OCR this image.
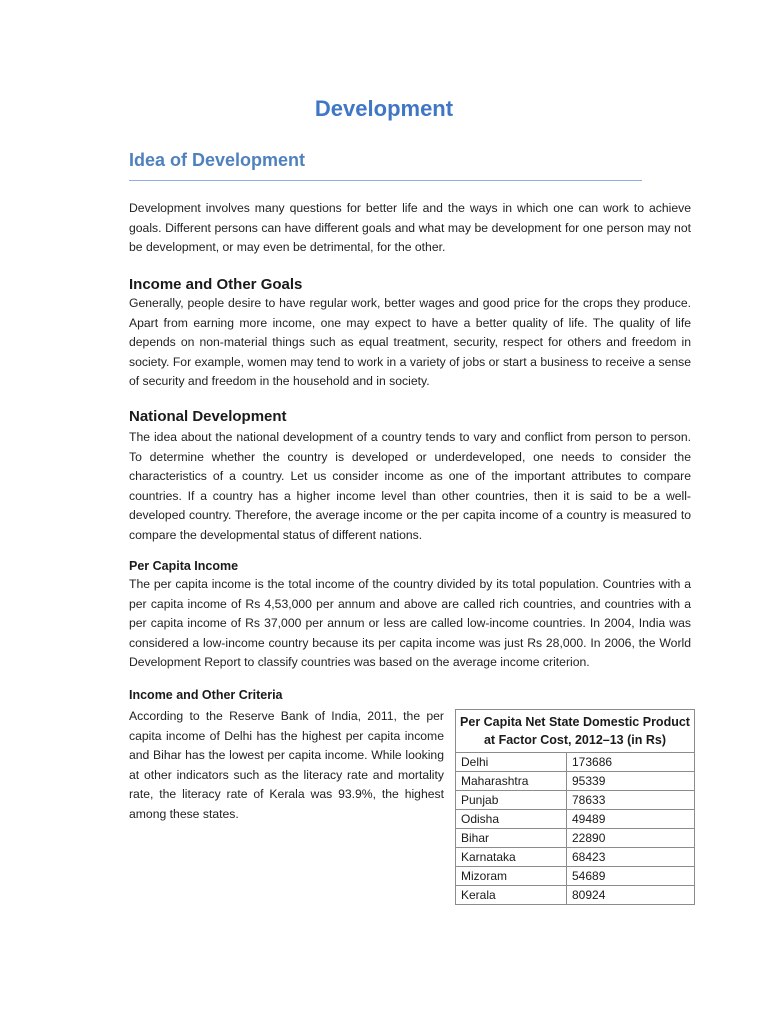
Development
Idea of Development

Development involves many questions for better life and the ways in which one can work to achieve goals. Different persons can have different goals and what may be development for one person may not be development, or may even be detrimental, for the other.

Income and Other Goals

Generally, people desire to have regular work, better wages and good price for the crops they produce. Apart from earning more income, one may expect to have a better quality of life. The quality of life depends on non-material things such as equal treatment, security, respect for others and freedom in society. For example, women may tend to work in a variety of jobs or start a business to receive a sense of security and freedom in the household and in society.

National Development

The idea about the national development of a country tends to vary and conflict from person to person. To determine whether the country is developed or underdeveloped, one needs to consider the characteristics of a country. Let us consider income as one of the important attributes to compare countries. If a country has a higher income level than other countries, then it is said to be a well-developed country. Therefore, the average income or the per capita income of a country is measured to compare the developmental status of different nations.

Per Capita Income

The per capita income is the total income of the country divided by its total population. Countries with a per capita income of Rs 4,53,000 per annum and above are called rich countries, and countries with a per capita income of Rs 37,000 per annum or less are called low-income countries. In 2004, India was considered a low-income country because its per capita income was just Rs 28,000. In 2006, the World Development Report to classify countries was based on the average income criterion.

Income and Other Criteria

According to the Reserve Bank of India, 2011, the per capita income of Delhi has the highest per capita income and Bihar has the lowest per capita income. While looking at other indicators such as the literacy rate and mortality rate, the literacy rate of Kerala was 93.9%, the highest among these states.

Per Capita Net State Domestic Product
at Factor Cost, 2012–13 (in Rs)	
Delhi	173686
Maharashtra	95339
Punjab	78633
Odisha	49489
Bihar	22890
Karnataka	68423
Mizoram	54689
Kerala	80924
